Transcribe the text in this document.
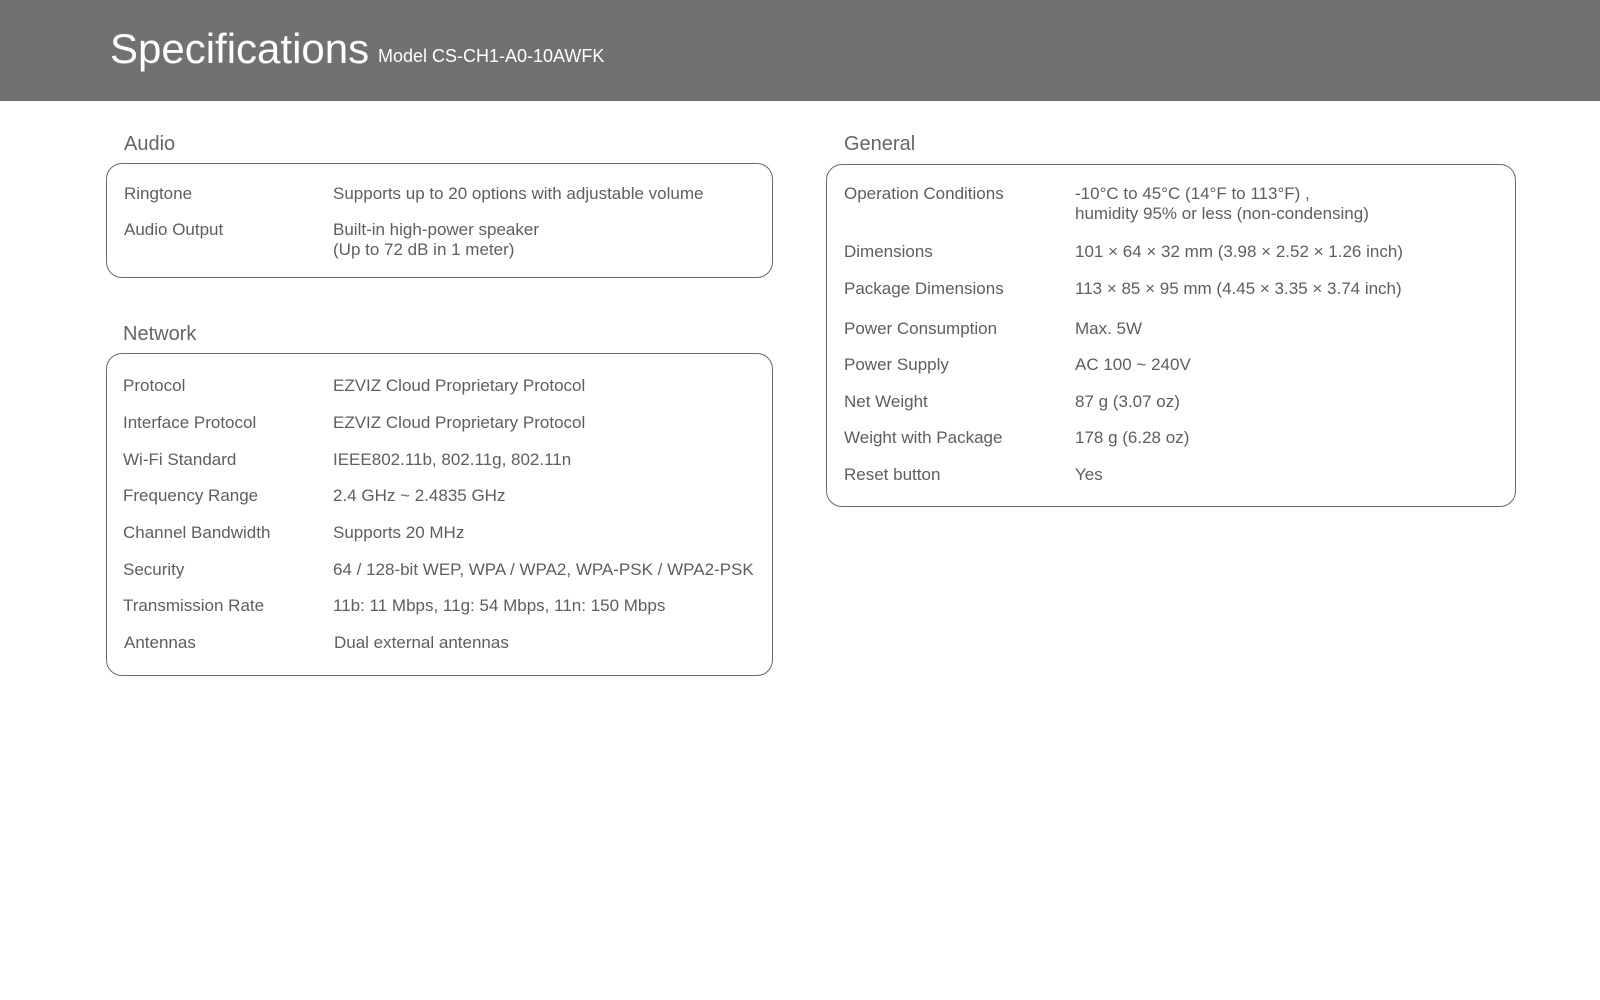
Specifications Model CS-CH1-A0-10AWFK
Audio
Ringtone	Supports up to 20 options with adjustable volume
Audio Output	Built-in high-power speaker
(Up to 72 dB in 1 meter)
Network
Protocol	EZVIZ Cloud Proprietary Protocol
Interface Protocol	EZVIZ Cloud Proprietary Protocol
Wi-Fi Standard	IEEE802.11b, 802.11g, 802.11n
Frequency Range	2.4 GHz ~ 2.4835 GHz
Channel Bandwidth	Supports 20 MHz
Security	64 / 128-bit WEP, WPA / WPA2, WPA-PSK / WPA2-PSK
Transmission Rate	11b: 11 Mbps, 11g: 54 Mbps, 11n: 150 Mbps
Antennas	Dual external antennas
General
Operation Conditions	-10°C to 45°C (14°F to 113°F) ,
humidity 95% or less (non-condensing)
Dimensions	101 × 64 × 32 mm (3.98 × 2.52 × 1.26 inch)
Package Dimensions	113 × 85 × 95 mm (4.45 × 3.35 × 3.74 inch)
Power Consumption	Max. 5W
Power Supply	AC 100 ~ 240V
Net Weight	87 g (3.07 oz)
Weight with Package	178 g (6.28 oz)
Reset button	Yes
